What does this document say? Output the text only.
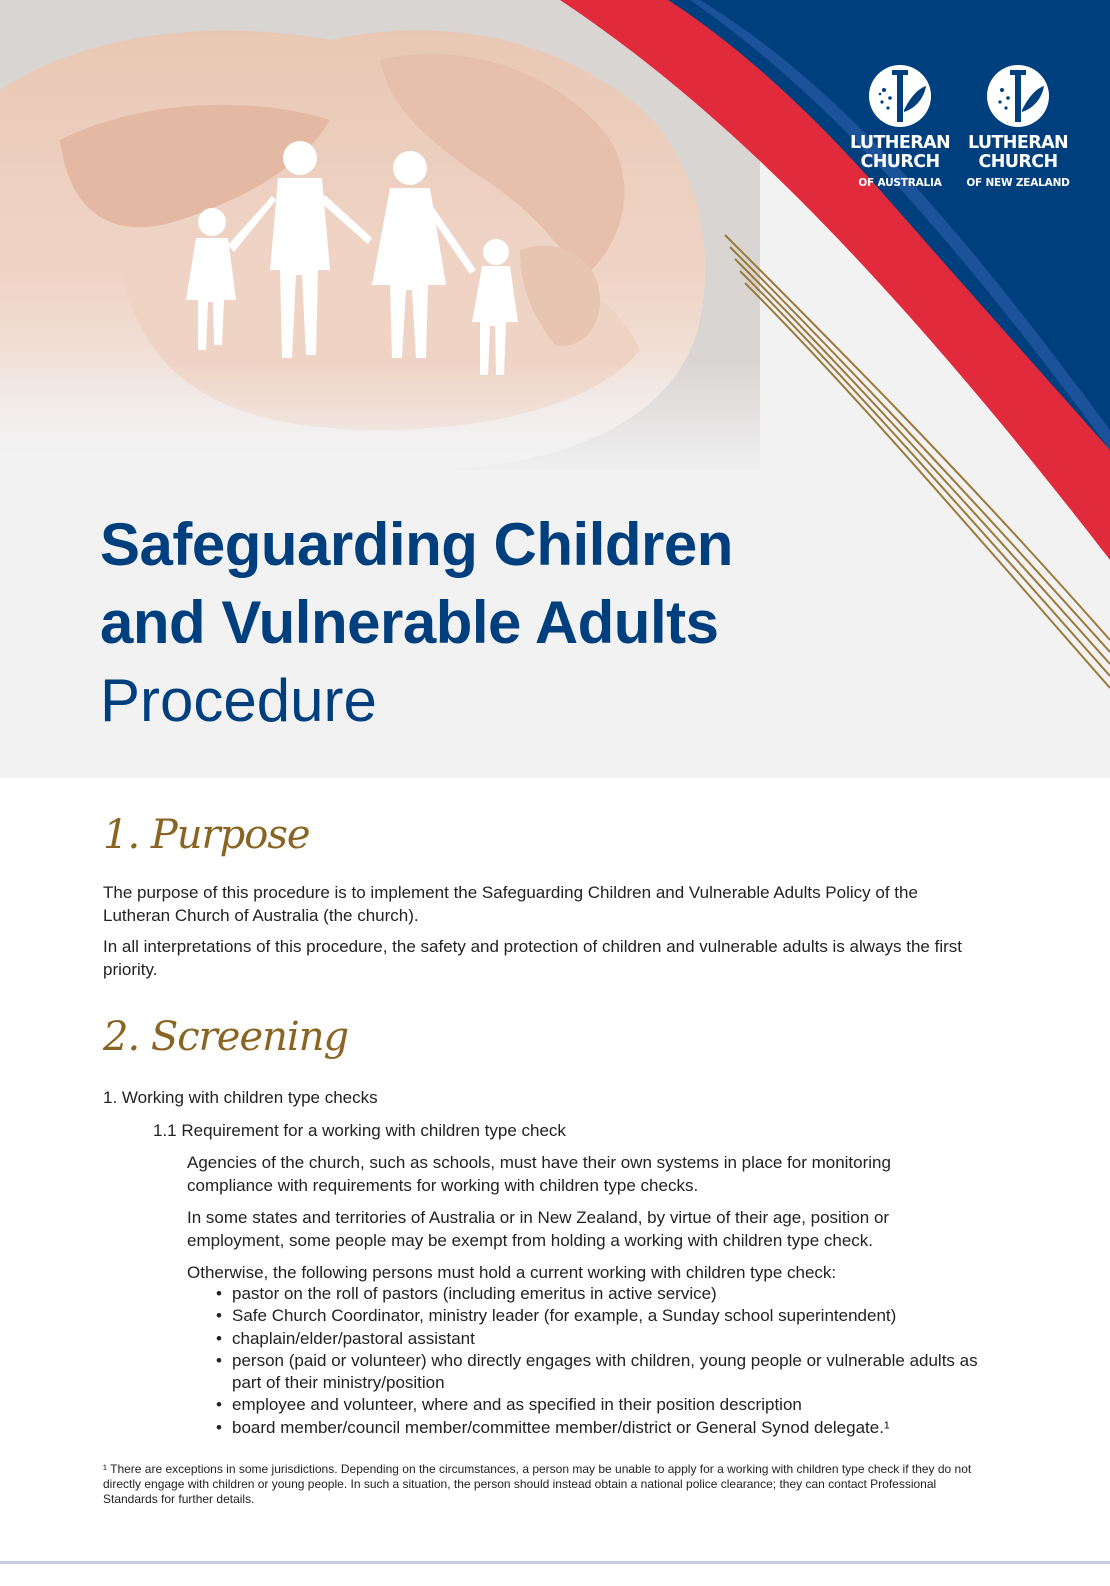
LUTHERAN
CHURCH
OF AUSTRALIA
LUTHERAN
CHURCH
OF NEW ZEALAND
Safeguarding Children
and Vulnerable Adults
Procedure
1. Purpose
The purpose of this procedure is to implement the Safeguarding Children and Vulnerable Adults Policy of the Lutheran Church of Australia (the church).
In all interpretations of this procedure, the safety and protection of children and vulnerable adults is always the first priority.
2. Screening
1. Working with children type checks
1.1 Requirement for a working with children type check
Agencies of the church, such as schools, must have their own systems in place for monitoring compliance with requirements for working with children type checks.
In some states and territories of Australia or in New Zealand, by virtue of their age, position or employment, some people may be exempt from holding a working with children type check.
Otherwise, the following persons must hold a current working with children type check:
• pastor on the roll of pastors (including emeritus in active service)
• Safe Church Coordinator, ministry leader (for example, a Sunday school superintendent)
• chaplain/elder/pastoral assistant
• person (paid or volunteer) who directly engages with children, young people or vulnerable adults as part of their ministry/position
• employee and volunteer, where and as specified in their position description
• board member/council member/committee member/district or General Synod delegate.¹
¹ There are exceptions in some jurisdictions. Depending on the circumstances, a person may be unable to apply for a working with children type check if they do not directly engage with children or young people. In such a situation, the person should instead obtain a national police clearance; they can contact Professional Standards for further details.
